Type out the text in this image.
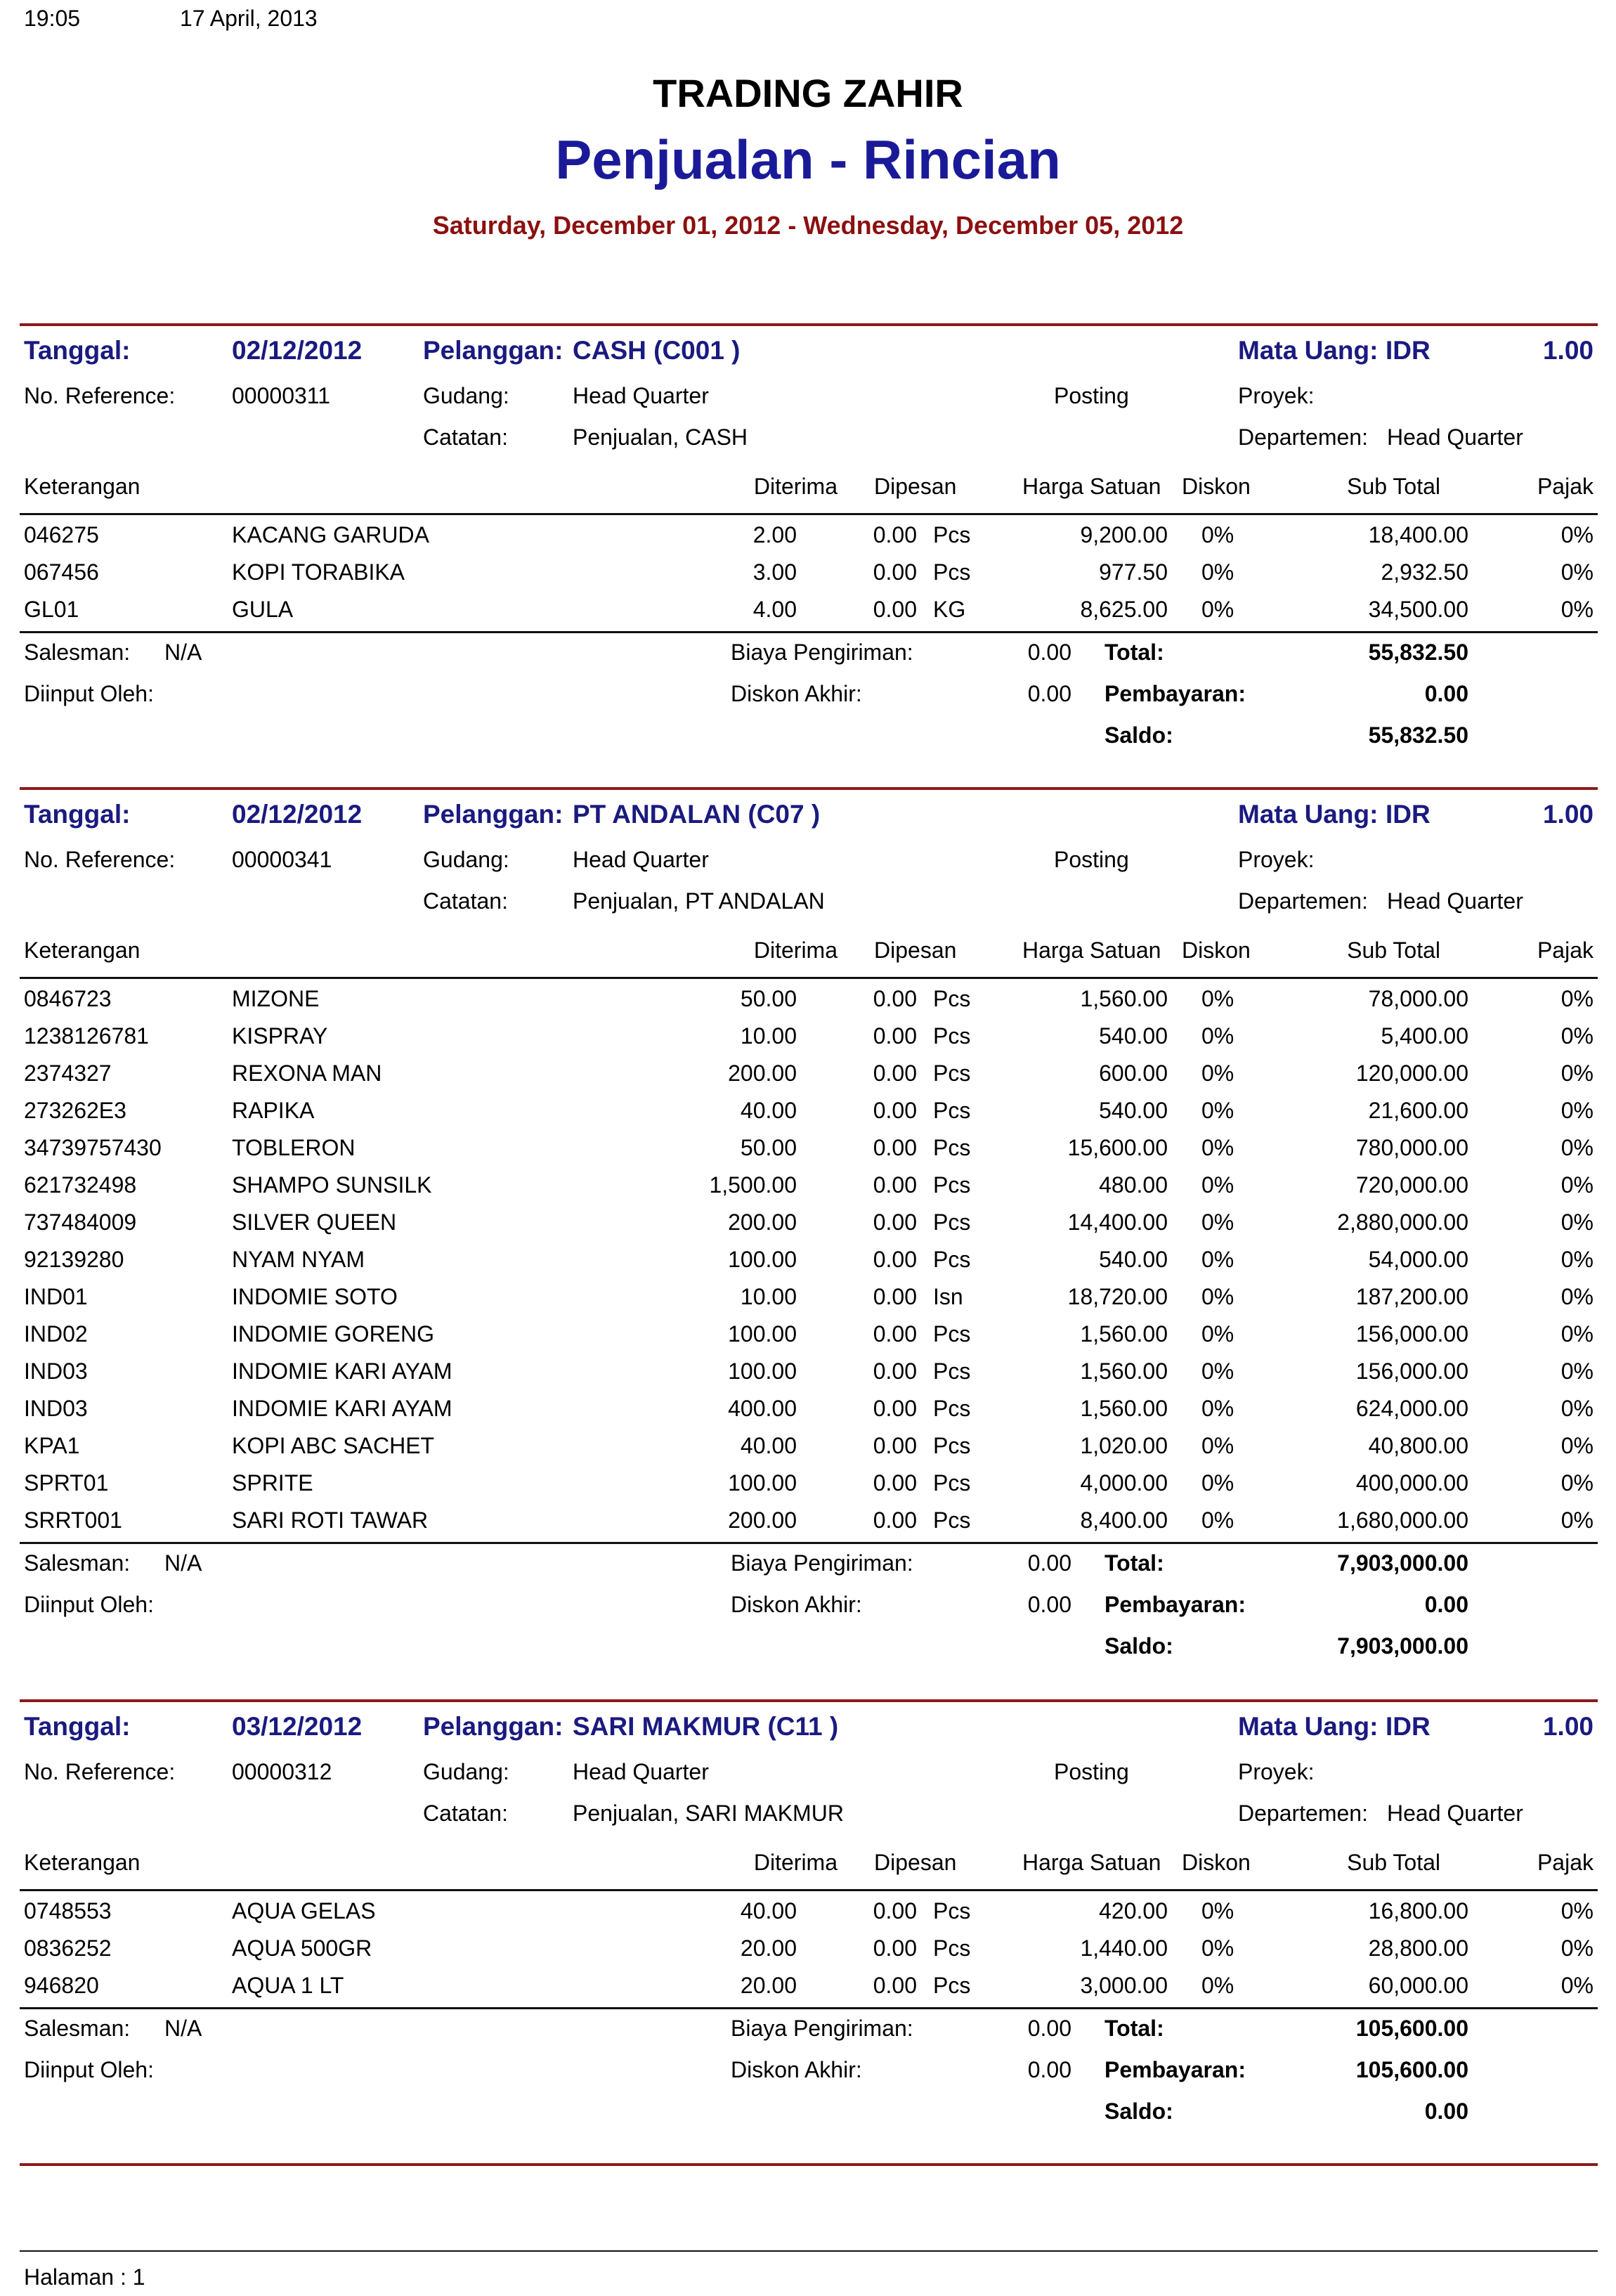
19:05	17 April, 2013
TRADING ZAHIR
Penjualan - Rincian
Saturday, December 01, 2012 - Wednesday, December 05, 2012
Tanggal:	02/12/2012 Pelanggan: CASH (C001 )	Mata Uang: IDR	1.00
No. Reference:	00000311	Gudang:	Head Quarter	Posting	Proyek:
Catatan:	Penjualan, CASH	Departemen: Head Quarter
Keterangan	Diterima Dipesan	Harga Satuan Diskon	Sub Total	Pajak
046275	KACANG GARUDA	2.00	0.00 Pcs	9,200.00 0%	18,400.00	0%
067456	KOPI TORABIKA	3.00	0.00 Pcs	977.50 0%	2,932.50	0%
GL01	GULA	4.00	0.00 KG	8,625.00 0%	34,500.00	0%
Salesman: N/A	Biaya Pengiriman:	0.00 Total:	55,832.50
Diinput Oleh:	Diskon Akhir:	0.00 Pembayaran:	0.00
Saldo:	55,832.50
Tanggal:	02/12/2012 Pelanggan: PT ANDALAN (C07 )	Mata Uang: IDR	1.00
No. Reference:	00000341	Gudang:	Head Quarter	Posting	Proyek:
Catatan:	Penjualan, PT ANDALAN	Departemen: Head Quarter
Keterangan	Diterima Dipesan	Harga Satuan Diskon	Sub Total	Pajak
0846723	MIZONE	50.00	0.00 Pcs	1,560.00 0%	78,000.00	0%
1238126781	KISPRAY	10.00	0.00 Pcs	540.00 0%	5,400.00	0%
2374327	REXONA MAN	200.00	0.00 Pcs	600.00 0%	120,000.00	0%
273262E3	RAPIKA	40.00	0.00 Pcs	540.00 0%	21,600.00	0%
34739757430	TOBLERON	50.00	0.00 Pcs	15,600.00 0%	780,000.00	0%
621732498	SHAMPO SUNSILK	1,500.00	0.00 Pcs	480.00 0%	720,000.00	0%
737484009	SILVER QUEEN	200.00	0.00 Pcs	14,400.00 0%	2,880,000.00	0%
92139280	NYAM NYAM	100.00	0.00 Pcs	540.00 0%	54,000.00	0%
IND01	INDOMIE SOTO	10.00	0.00 Isn	18,720.00 0%	187,200.00	0%
IND02	INDOMIE GORENG	100.00	0.00 Pcs	1,560.00 0%	156,000.00	0%
IND03	INDOMIE KARI AYAM	100.00	0.00 Pcs	1,560.00 0%	156,000.00	0%
IND03	INDOMIE KARI AYAM	400.00	0.00 Pcs	1,560.00 0%	624,000.00	0%
KPA1	KOPI ABC SACHET	40.00	0.00 Pcs	1,020.00 0%	40,800.00	0%
SPRT01	SPRITE	100.00	0.00 Pcs	4,000.00 0%	400,000.00	0%
SRRT001	SARI ROTI TAWAR	200.00	0.00 Pcs	8,400.00 0%	1,680,000.00	0%
Salesman: N/A	Biaya Pengiriman:	0.00 Total:	7,903,000.00
Diinput Oleh:	Diskon Akhir:	0.00 Pembayaran:	0.00
Saldo:	7,903,000.00
Tanggal:	03/12/2012 Pelanggan: SARI MAKMUR (C11 )	Mata Uang: IDR	1.00
No. Reference:	00000312	Gudang:	Head Quarter	Posting	Proyek:
Catatan:	Penjualan, SARI MAKMUR	Departemen: Head Quarter
Keterangan	Diterima Dipesan	Harga Satuan Diskon	Sub Total	Pajak
0748553	AQUA GELAS	40.00	0.00 Pcs	420.00 0%	16,800.00	0%
0836252	AQUA 500GR	20.00	0.00 Pcs	1,440.00 0%	28,800.00	0%
946820	AQUA 1 LT	20.00	0.00 Pcs	3,000.00 0%	60,000.00	0%
Salesman: N/A	Biaya Pengiriman:	0.00 Total:	105,600.00
Diinput Oleh:	Diskon Akhir:	0.00 Pembayaran:	105,600.00
Saldo:	0.00
Halaman : 1
